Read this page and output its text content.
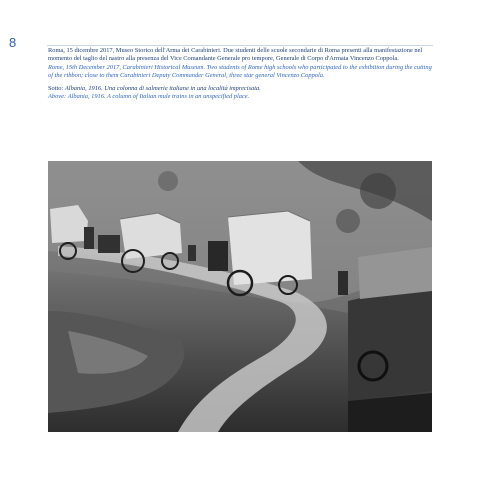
8

Roma, 15 dicembre 2017, Museo Storico dell'Arma dei Carabinieri. Due studenti delle scuole secondarie di Roma presenti alla manifestazione nel momento del taglio del nastro alla presenza del Vice Comandante Generale pro tempore, Generale di Corpo d'Armata Vincenzo Coppola.

Rome, 15th December 2017, Carabinieri Historical Museum. Two students of Rome high schools who participated to the exhibition during the cutting of the ribbon; close to them Carabinieri Deputy Commander General, three star general Vincenzo Coppola.

Sotto: Albania, 1916. Una colonna di salmerie italiane in una località imprecisata.

Above: Albania, 1916. A column of Italian mule trains in an unspecified place.
